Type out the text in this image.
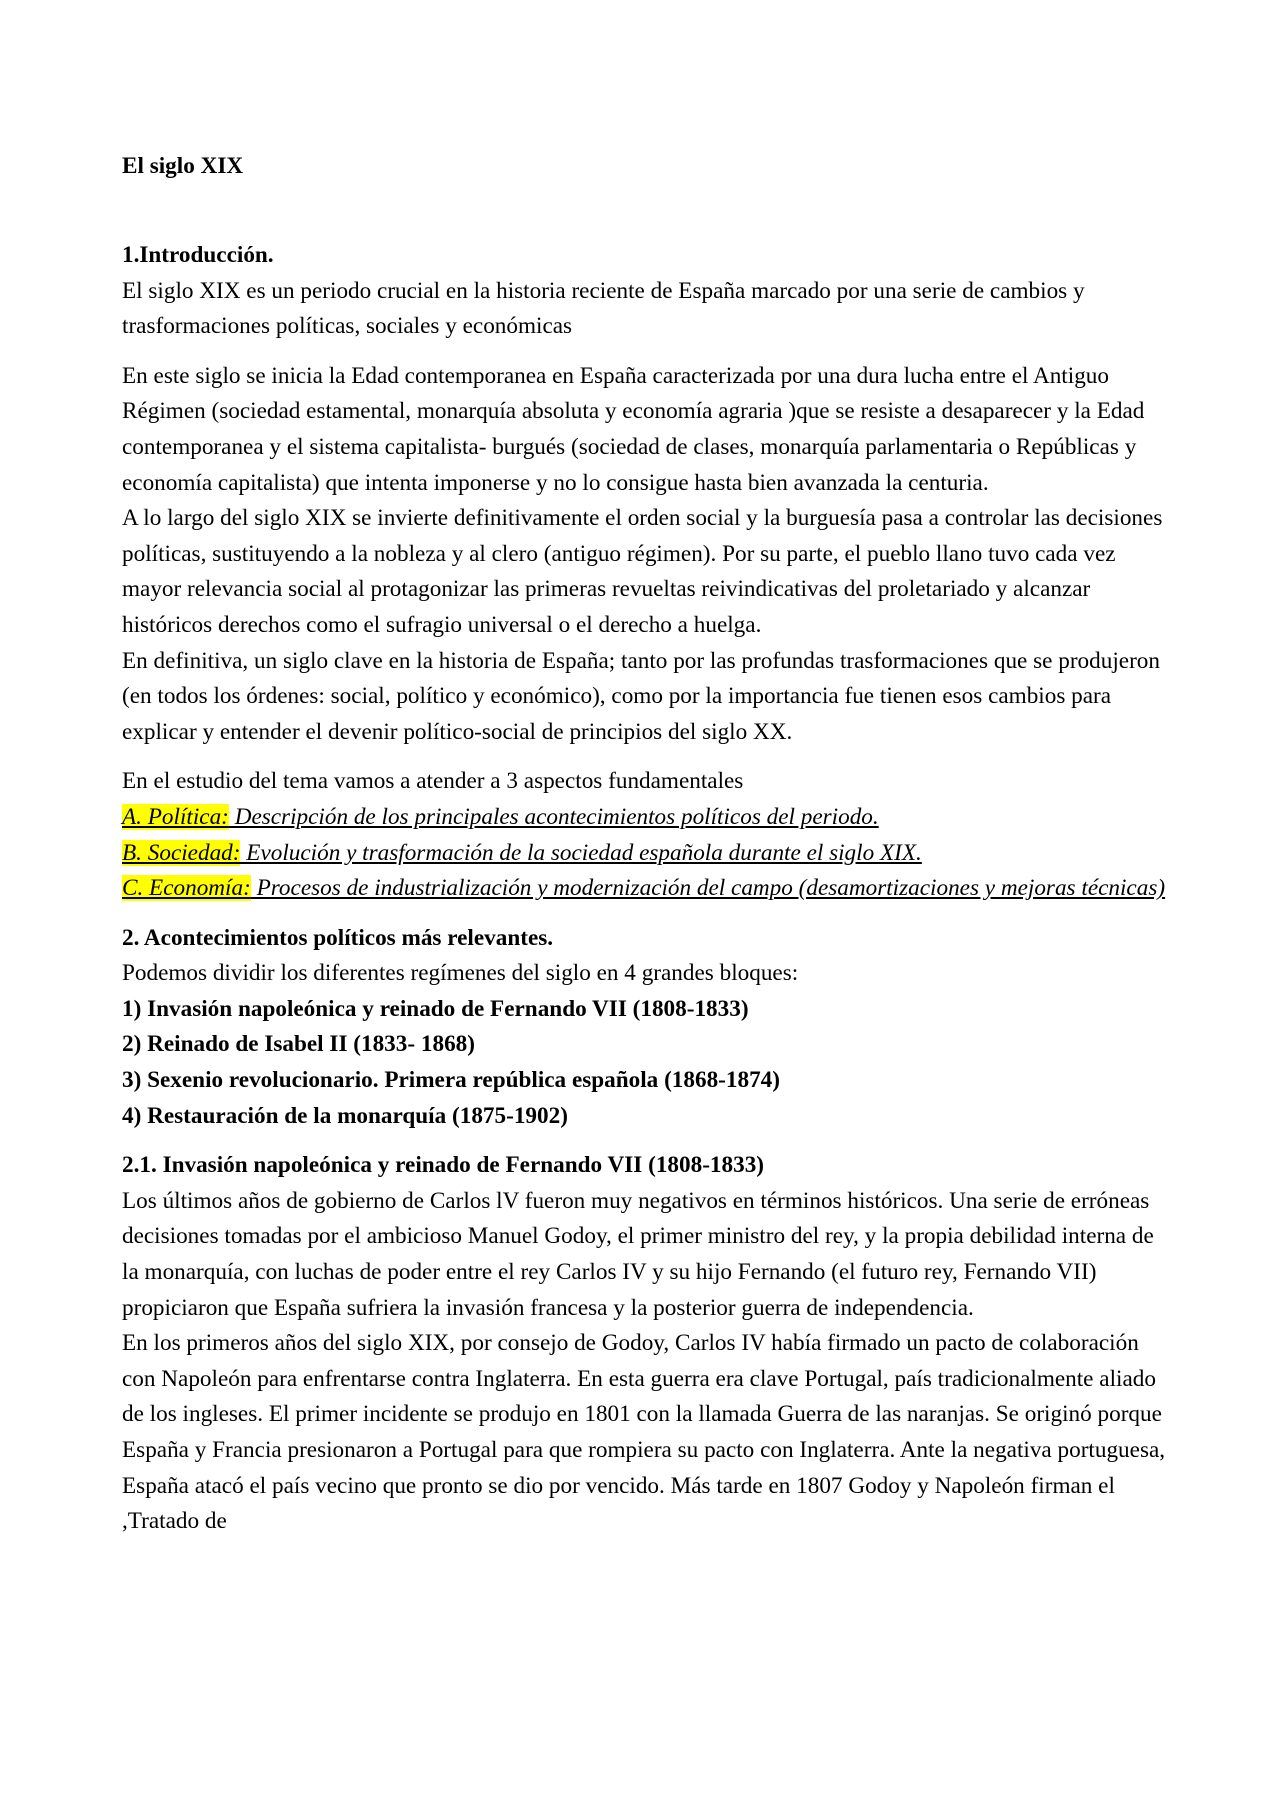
El siglo XIX

1.Introducción.

El siglo XIX es un periodo crucial en la historia reciente de España marcado por una serie de cambios y trasformaciones políticas, sociales y económicas

En este siglo se inicia la Edad contemporanea en España caracterizada por una dura lucha entre el Antiguo Régimen (sociedad estamental, monarquía absoluta y economía agraria )que se resiste a desaparecer y la Edad contemporanea y el sistema capitalista- burgués (sociedad de clases, monarquía parlamentaria o Repúblicas y economía capitalista) que intenta imponerse y no lo consigue hasta bien avanzada la centuria.

A lo largo del siglo XIX se invierte definitivamente el orden social y la burguesía pasa a controlar las decisiones políticas, sustituyendo a la nobleza y al clero (antiguo régimen). Por su parte, el pueblo llano tuvo cada vez mayor relevancia social al protagonizar las primeras revueltas reivindicativas del proletariado y alcanzar históricos derechos como el sufragio universal o el derecho a huelga.

En definitiva, un siglo clave en la historia de España; tanto por las profundas trasformaciones que se produjeron (en todos los órdenes: social, político y económico), como por la importancia fue tienen esos cambios para explicar y entender el devenir político-social de principios del siglo XX.

En el estudio del tema vamos a atender a 3 aspectos fundamentales

A. Política: Descripción de los principales acontecimientos políticos del periodo.

B. Sociedad: Evolución y trasformación de la sociedad española durante el siglo XIX.

C. Economía: Procesos de industrialización y modernización del campo (desamortizaciones y mejoras técnicas)

2. Acontecimientos políticos más relevantes.

Podemos dividir los diferentes regímenes del siglo en 4 grandes bloques:

1) Invasión napoleónica y reinado de Fernando VII (1808-1833)

2) Reinado de Isabel II (1833- 1868)

3) Sexenio revolucionario. Primera república española (1868-1874)

4) Restauración de la monarquía (1875-1902)

2.1. Invasión napoleónica y reinado de Fernando VII (1808-1833)

Los últimos años de gobierno de Carlos lV fueron muy negativos en términos históricos. Una serie de erróneas decisiones tomadas por el ambicioso Manuel Godoy, el primer ministro del rey, y la propia debilidad interna de la monarquía, con luchas de poder entre el rey Carlos IV y su hijo Fernando (el futuro rey, Fernando VII) propiciaron que España sufriera la invasión francesa y la posterior guerra de independencia.

En los primeros años del siglo XIX, por consejo de Godoy, Carlos IV había firmado un pacto de colaboración con Napoleón para enfrentarse contra Inglaterra. En esta guerra era clave Portugal, país tradicionalmente aliado de los ingleses. El primer incidente se produjo en 1801 con la llamada Guerra de las naranjas. Se originó porque España y Francia presionaron a Portugal para que rompiera su pacto con Inglaterra. Ante la negativa portuguesa, España atacó el país vecino que pronto se dio por vencido. Más tarde en 1807 Godoy y Napoleón firman el ,Tratado de
